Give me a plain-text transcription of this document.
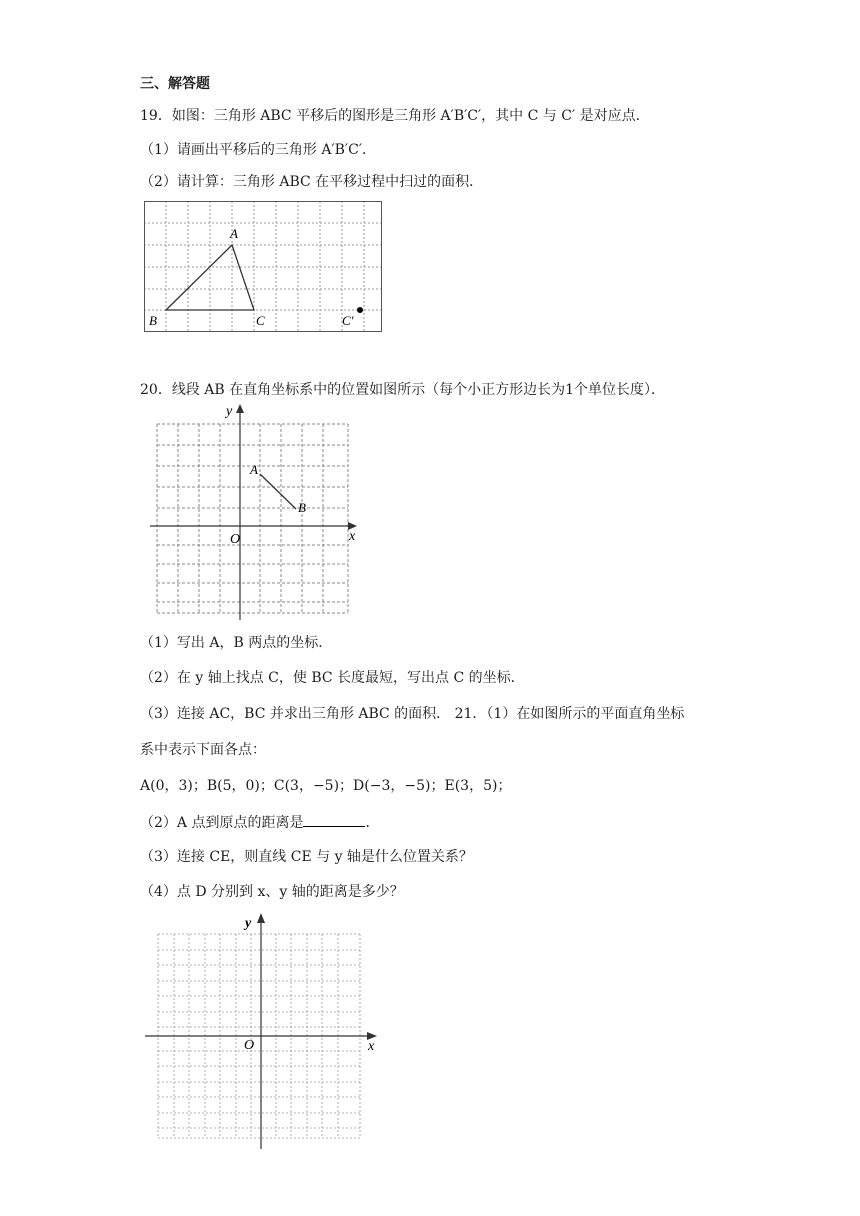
三、解答题
19．如图：三角形 ABC 平移后的图形是三角形 A′B′C′，其中 C 与 C′ 是对应点．
（1）请画出平移后的三角形 A′B′C′．
（2）请计算：三角形 ABC 在平移过程中扫过的面积．
A
B	C	C′
20．线段 AB 在直角坐标系中的位置如图所示（每个小正方形边长为1个单位长度）．
y
x
O
A
B
（1）写出 A，B 两点的坐标．
（2）在 y 轴上找点 C，使 BC 长度最短，写出点 C 的坐标．
（3）连接 AC，BC 并求出三角形 ABC 的面积． 21．（1）在如图所示的平面直角坐标
系中表示下面各点：
A(0，3)；B(5，0)；C(3，−5)；D(−3，−5)；E(3，5)；
（2）A 点到原点的距离是	．
（3）连接 CE，则直线 CE 与 y 轴是什么位置关系？
（4）点 D 分别到 x、y 轴的距离是多少？
y
x
O
